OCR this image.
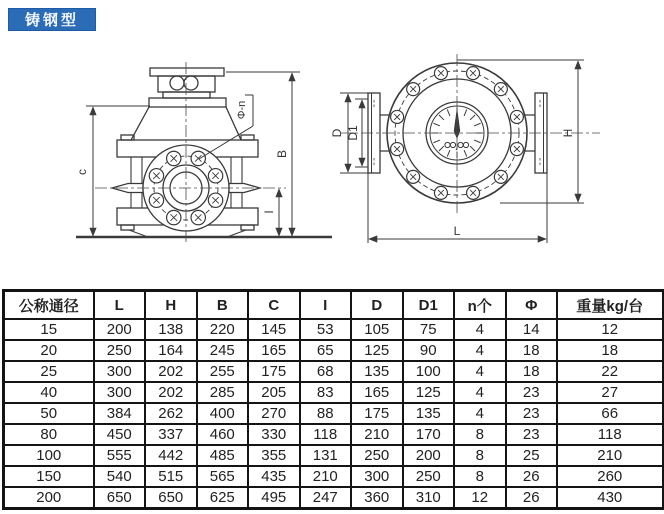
铸钢型
c
B
I
Φ-n
D D1	H
L
公称通径	L	H	B	C	I	D	D1	n个	Φ	重量kg/台
15	200	138	220	145	53	105	75	4	14	12
20	250	164	245	165	65	125	90	4	18	18
25	300	202	255	175	68	135	100	4	18	22
40	300	202	285	205	83	165	125	4	23	27
50	384	262	400	270	88	175	135	4	23	66
80	450	337	460	330	118	210	170	8	23	118
100	555	442	485	355	131	250	200	8	25	210
150	540	515	565	435	210	300	250	8	26	260
200	650	650	625	495	247	360	310	12	26	430
